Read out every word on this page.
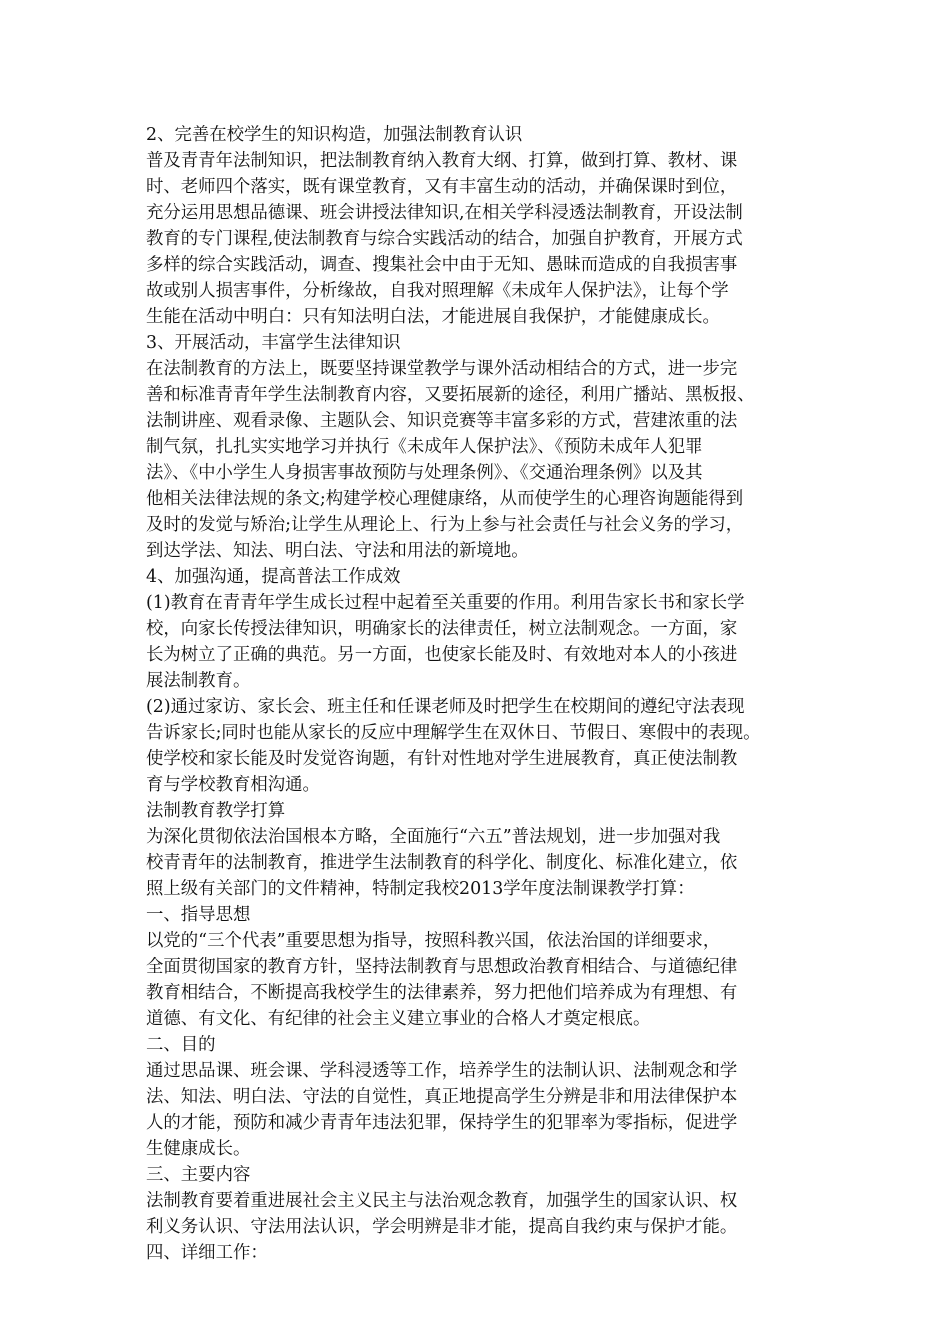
2、完善在校学生的知识构造，加强法制教育认识
普及青青年法制知识，把法制教育纳入教育大纲、打算，做到打算、教材、课
时、老师四个落实，既有课堂教育，又有丰富生动的活动，并确保课时到位，
充分运用思想品德课、班会讲授法律知识,在相关学科浸透法制教育，开设法制
教育的专门课程,使法制教育与综合实践活动的结合，加强自护教育，开展方式
多样的综合实践活动，调查、搜集社会中由于无知、愚昧而造成的自我损害事
故或别人损害事件，分析缘故，自我对照理解《未成年人保护法》，让每个学
生能在活动中明白：只有知法明白法，才能进展自我保护，才能健康成长。
3、开展活动，丰富学生法律知识
在法制教育的方法上，既要坚持课堂教学与课外活动相结合的方式，进一步完
善和标准青青年学生法制教育内容，又要拓展新的途径，利用广播站、黑板报、
法制讲座、观看录像、主题队会、知识竞赛等丰富多彩的方式，营建浓重的法
制气氛，扎扎实实地学习并执行《未成年人保护法》、《预防未成年人犯罪
法》、《中小学生人身损害事故预防与处理条例》、《交通治理条例》以及其
他相关法律法规的条文;构建学校心理健康络，从而使学生的心理咨询题能得到
及时的发觉与矫治;让学生从理论上、行为上参与社会责任与社会义务的学习，
到达学法、知法、明白法、守法和用法的新境地。
4、加强沟通，提高普法工作成效
(1)教育在青青年学生成长过程中起着至关重要的作用。利用告家长书和家长学
校，向家长传授法律知识，明确家长的法律责任，树立法制观念。一方面，家
长为树立了正确的典范。另一方面，也使家长能及时、有效地对本人的小孩进
展法制教育。
(2)通过家访、家长会、班主任和任课老师及时把学生在校期间的遵纪守法表现
告诉家长;同时也能从家长的反应中理解学生在双休日、节假日、寒假中的表现。
使学校和家长能及时发觉咨询题，有针对性地对学生进展教育，真正使法制教
育与学校教育相沟通。
法制教育教学打算
为深化贯彻依法治国根本方略，全面施行“六五”普法规划，进一步加强对我
校青青年的法制教育，推进学生法制教育的科学化、制度化、标准化建立，依
照上级有关部门的文件精神，特制定我校2013学年度法制课教学打算：
一、指导思想
以党的“三个代表”重要思想为指导，按照科教兴国，依法治国的详细要求，
全面贯彻国家的教育方针，坚持法制教育与思想政治教育相结合、与道德纪律
教育相结合，不断提高我校学生的法律素养，努力把他们培养成为有理想、有
道德、有文化、有纪律的社会主义建立事业的合格人才奠定根底。
二、目的
通过思品课、班会课、学科浸透等工作，培养学生的法制认识、法制观念和学
法、知法、明白法、守法的自觉性，真正地提高学生分辨是非和用法律保护本
人的才能，预防和减少青青年违法犯罪，保持学生的犯罪率为零指标，促进学
生健康成长。
三、主要内容
法制教育要着重进展社会主义民主与法治观念教育，加强学生的国家认识、权
利义务认识、守法用法认识，学会明辨是非才能，提高自我约束与保护才能。
四、详细工作：
